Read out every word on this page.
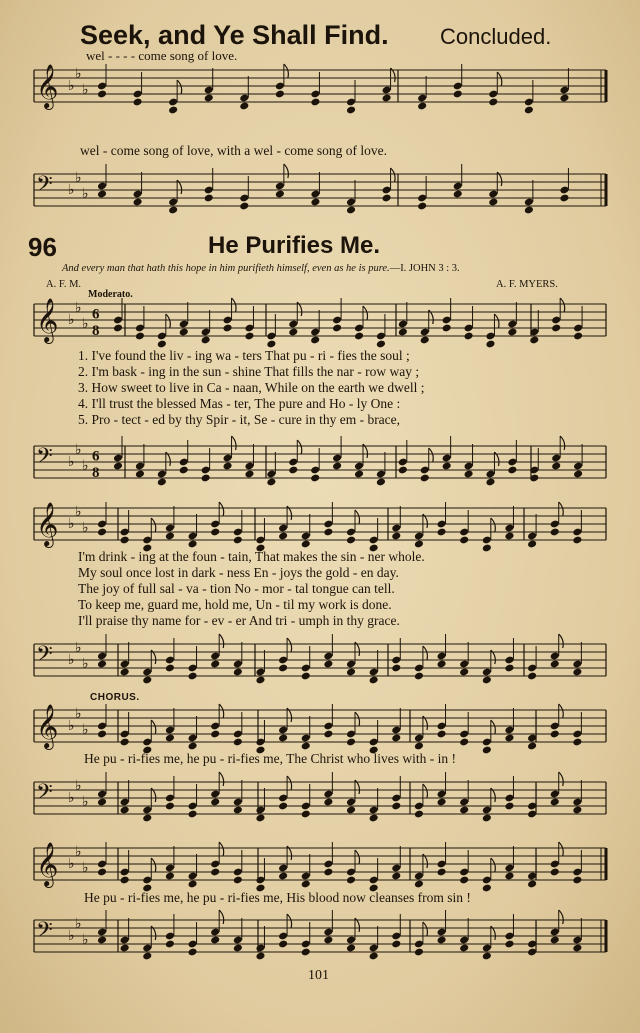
Seek, and Ye Shall Find. Concluded.
wel - - - - come song of love.
𝄞 ♭
♭
♭
wel - come song of love, with a wel - come song of love.
𝄢 ♭
♭
♭
96	He Purifies Me.
And every man that hath this hope in him purifieth himself, even as he is pure.—I. JOHN 3 : 3.
A. F. M.	A. F. MYERS.
Moderato.
𝄞 ♭
♭
♭
6
8
1. I've found the liv - ing wa - ters That pu - ri - fies the soul ;
2. I'm bask - ing in the sun - shine That fills the nar - row way ;
3. How sweet to live in Ca - naan, While on the earth we dwell ;
4. I'll trust the blessed Mas - ter, The pure and Ho - ly One :
5. Pro - tect - ed by thy Spir - it, Se - cure in thy em - brace,
𝄢 ♭
♭
♭
6
8
𝄞 ♭
♭
♭
I'm drink - ing at the foun - tain, That makes the sin - ner whole.
My soul once lost in dark - ness En - joys the gold - en day.
The joy of full sal - va - tion No - mor - tal tongue can tell.
To keep me, guard me, hold me, Un - til my work is done.
I'll praise thy name for - ev - er And tri - umph in thy grace.
𝄢 ♭
♭
♭
CHORUS.
𝄞 ♭
♭
♭
He pu - ri-fies me, he pu - ri-fies me, The Christ who lives with - in !
𝄢 ♭
♭
♭
𝄞 ♭
♭
♭
He pu - ri-fies me, he pu - ri-fies me, His blood now cleanses from sin !
𝄢 ♭
♭
♭
101
